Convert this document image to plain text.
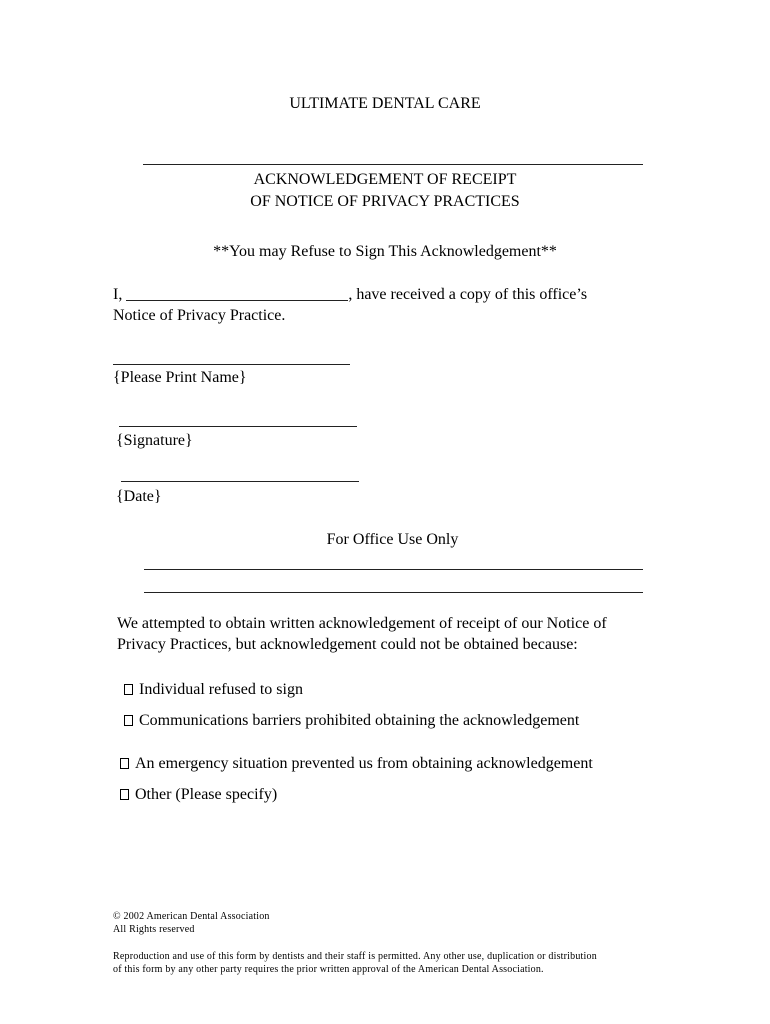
ULTIMATE DENTAL CARE
ACKNOWLEDGEMENT OF RECEIPT
OF NOTICE OF PRIVACY PRACTICES
**You may Refuse to Sign This Acknowledgement**
I,	, have received a copy of this office’s
Notice of Privacy Practice.
{Please Print Name}
{Signature}
{Date}
For Office Use Only
We attempted to obtain written acknowledgement of receipt of our Notice of
Privacy Practices, but acknowledgement could not be obtained because:
Individual refused to sign
Communications barriers prohibited obtaining the acknowledgement
An emergency situation prevented us from obtaining acknowledgement
Other (Please specify)
© 2002 American Dental Association
All Rights reserved
Reproduction and use of this form by dentists and their staff is permitted. Any other use, duplication or distribution
of this form by any other party requires the prior written approval of the American Dental Association.
